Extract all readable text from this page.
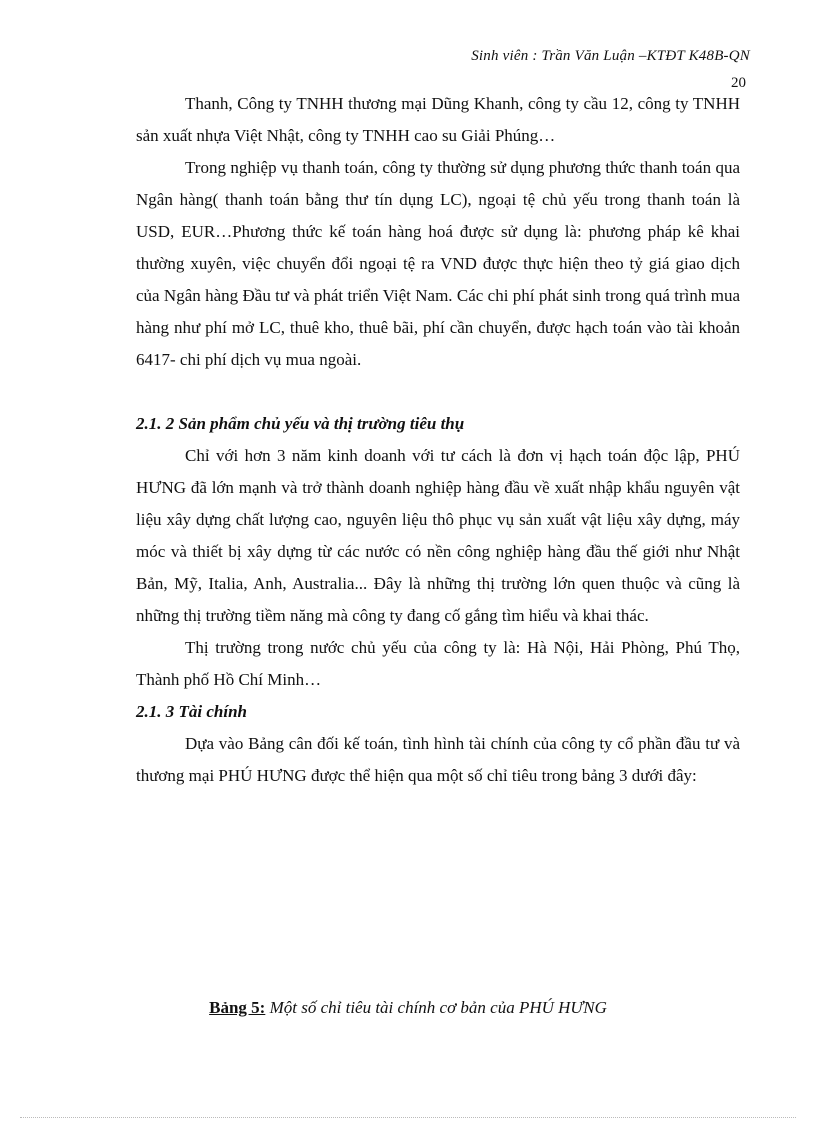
Sinh viên : Trần Văn Luận –KTĐT K48B-QN
20

Thanh, Công ty TNHH thương mại Dũng Khanh, công ty cầu 12, công ty TNHH sản xuất nhựa Việt Nhật, công ty TNHH cao su Giải Phúng…

Trong nghiệp vụ thanh toán, công ty thường sử dụng phương thức thanh toán qua Ngân hàng( thanh toán bằng thư tín dụng LC), ngoại tệ chủ yếu trong thanh toán là USD, EUR…Phương thức kế toán hàng hoá được sử dụng là: phương pháp kê khai thường xuyên, việc chuyển đổi ngoại tệ ra VND được thực hiện theo tỷ giá giao dịch của Ngân hàng Đầu tư và phát triển Việt Nam. Các chi phí phát sinh trong quá trình mua hàng như phí mở LC, thuê kho, thuê bãi, phí cần chuyển, được hạch toán vào tài khoản 6417- chi phí dịch vụ mua ngoài.

2.1. 2 Sản phẩm chủ yếu và thị trường tiêu thụ

Chỉ với hơn 3 năm kinh doanh với tư cách là đơn vị hạch toán độc lập, PHÚ HƯNG đã lớn mạnh và trở thành doanh nghiệp hàng đầu về xuất nhập khẩu nguyên vật liệu xây dựng chất lượng cao, nguyên liệu thô phục vụ sản xuất vật liệu xây dựng, máy móc và thiết bị xây dựng từ các nước có nền công nghiệp hàng đầu thế giới như Nhật Bản, Mỹ, Italia, Anh, Australia... Đây là những thị trường lớn quen thuộc và cũng là những thị trường tiềm năng mà công ty đang cố gắng tìm hiểu và khai thác.

Thị trường trong nước chủ yếu của công ty là: Hà Nội, Hải Phòng, Phú Thọ, Thành phố Hồ Chí Minh…

2.1. 3 Tài chính

Dựa vào Bảng cân đối kế toán, tình hình tài chính của công ty cổ phần đầu tư và thương mại PHÚ HƯNG được thể hiện qua một số chỉ tiêu trong bảng 3 dưới đây:

Bảng 5: Một số chỉ tiêu tài chính cơ bản của PHÚ HƯNG
